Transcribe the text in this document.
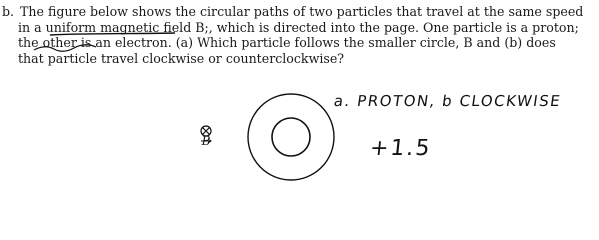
b. The figure below shows the circular paths of two particles that travel at the same speed
in a uniform magnetic field B;, which is directed into the page. One particle is a proton;
the other is an electron. (a) Which particle follows the smaller circle, B and (b) does
that particle travel clockwise or counterclockwise?
B
a. PROTON, b CLOCKWISE
+1.5
